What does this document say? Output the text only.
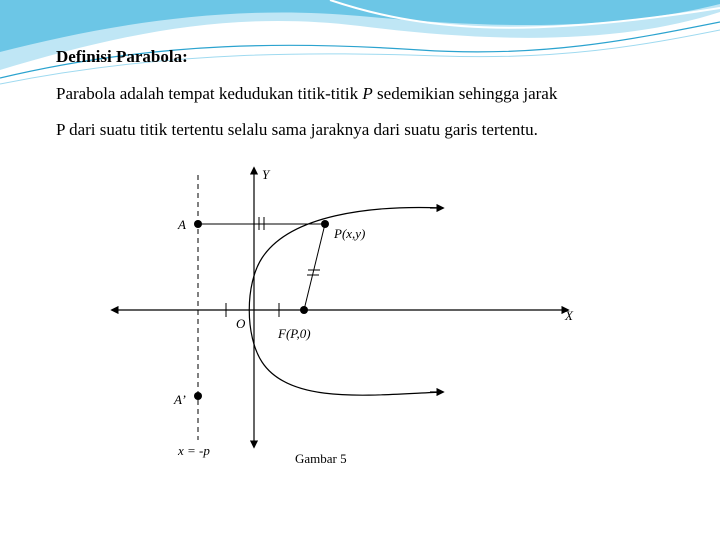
Definisi Parabola:

Parabola adalah tempat kedudukan titik-titik P sedemikian sehingga jarak

P dari suatu titik tertentu selalu sama jaraknya dari suatu garis tertentu.

Y
X
O
A
P(x,y)
F(P,0)
A’
x = -p
Gambar 5
